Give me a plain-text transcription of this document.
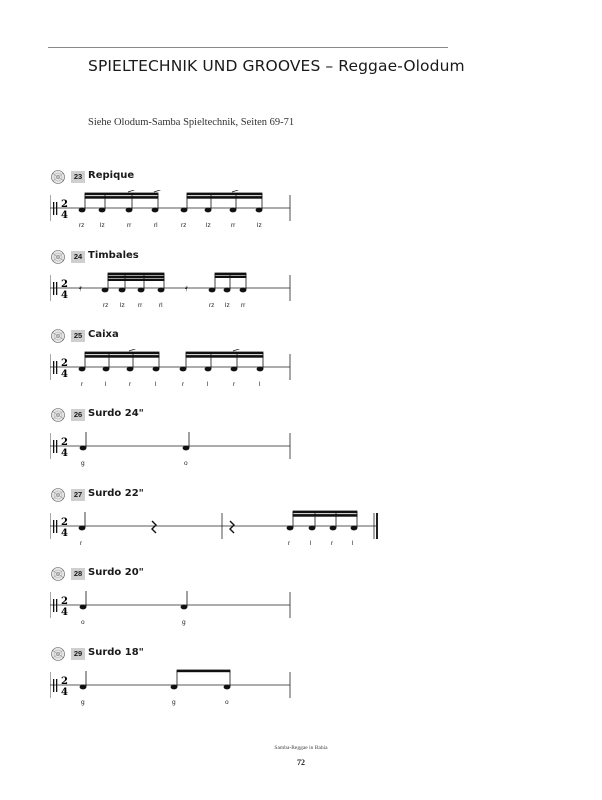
SPIELTECHNIK UND GROOVES – Reggae-Olodum
Siehe Olodum-Samba Spieltechnik, Seiten 69-71
23 Repique
2
4
rz lz	rr	rl	rz	lz	rr	lz
24 Timbales
2
4
𝄿	𝄿
rz lz rr	rl	rz lz rr
25 Caixa
2
4
r	l	r	l	r	l	r	l
26 Surdo 24"
2
4
g	o
27 Surdo 22"
2
4
r	r	l	r	l
28 Surdo 20"
2
4
o	g
29 Surdo 18"
2
4
g	g	o
Samba-Reggae in Bahia
72
